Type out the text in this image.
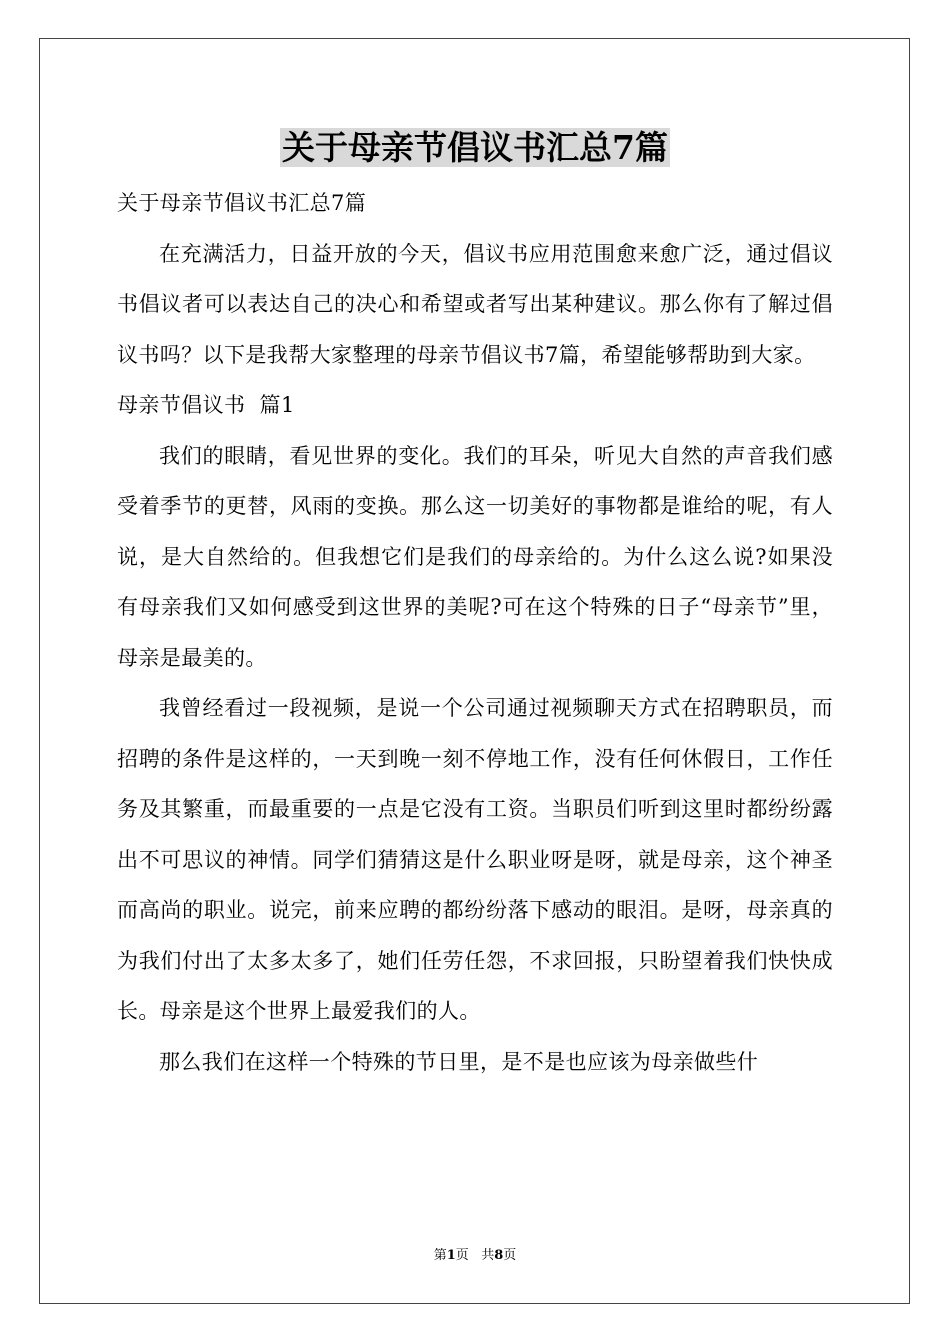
关于母亲节倡议书汇总7篇

关于母亲节倡议书汇总7篇

在充满活力，日益开放的今天，倡议书应用范围愈来愈广泛，通过倡议书倡议者可以表达自己的决心和希望或者写出某种建议。那么你有了解过倡议书吗？以下是我帮大家整理的母亲节倡议书7篇，希望能够帮助到大家。

母亲节倡议书  篇1

我们的眼睛，看见世界的变化。我们的耳朵，听见大自然的声音我们感受着季节的更替，风雨的变换。那么这一切美好的事物都是谁给的呢，有人说，是大自然给的。但我想它们是我们的母亲给的。为什么这么说?如果没有母亲我们又如何感受到这世界的美呢?可在这个特殊的日子“母亲节”里，母亲是最美的。

我曾经看过一段视频，是说一个公司通过视频聊天方式在招聘职员，而招聘的条件是这样的，一天到晚一刻不停地工作，没有任何休假日，工作任务及其繁重，而最重要的一点是它没有工资。当职员们听到这里时都纷纷露出不可思议的神情。同学们猜猜这是什么职业呀是呀，就是母亲，这个神圣而高尚的职业。说完，前来应聘的都纷纷落下感动的眼泪。是呀，母亲真的为我们付出了太多太多了，她们任劳任怨，不求回报，只盼望着我们快快成长。母亲是这个世界上最爱我们的人。

那么我们在这样一个特殊的节日里，是不是也应该为母亲做些什

第1页 共8页
